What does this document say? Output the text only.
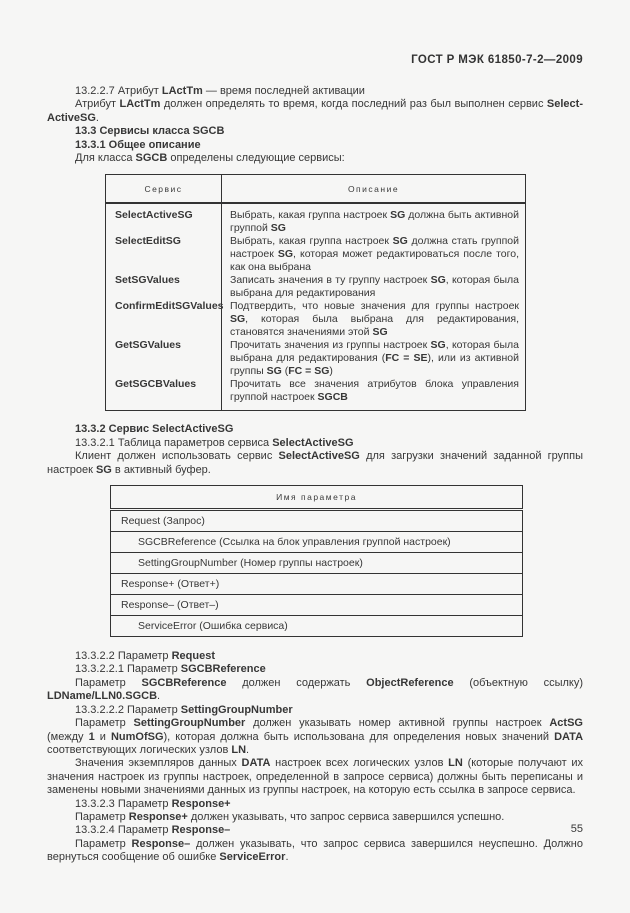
ГОСТ Р МЭК 61850-7-2—2009

13.2.2.7 Атрибут LActTm — время последней активации

Атрибут LActTm должен определять то время, когда последний раз был выполнен сервис Select-ActiveSG.

13.3 Сервисы класса SGCB

13.3.1 Общее описание

Для класса SGCB определены следующие сервисы:

Сервис	Описание
SelectActiveSG	Выбрать, какая группа настроек SG должна быть активной группой SG
SelectEditSG	Выбрать, какая группа настроек SG должна стать группой настроек SG, которая может редактироваться после того, как она выбрана
SetSGValues	Записать значения в ту группу настроек SG, которая была выбрана для редактирования
ConfirmEditSGValues	Подтвердить, что новые значения для группы настроек SG, которая была выбрана для редактирования, становятся значениями этой SG
GetSGValues	Прочитать значения из группы настроек SG, которая была выбрана для редактирования (FC = SE), или из активной группы SG (FC = SG)
GetSGCBValues	Прочитать все значения атрибутов блока управления группой настроек SGCB

13.3.2 Сервис SelectActiveSG

13.3.2.1 Таблица параметров сервиса SelectActiveSG

Клиент должен использовать сервис SelectActiveSG для загрузки значений заданной группы настроек SG в активный буфер.

Имя параметра
Request (Запрос)
SGCBReference (Ссылка на блок управления группой настроек)
SettingGroupNumber (Номер группы настроек)
Response+ (Ответ+)
Response– (Ответ–)
ServiceError (Ошибка сервиса)

13.3.2.2 Параметр Request

13.3.2.2.1 Параметр SGCBReference

Параметр SGCBReference должен содержать ObjectReference (объектную ссылку) LDName/LLN0.SGCB.

13.3.2.2.2 Параметр SettingGroupNumber

Параметр SettingGroupNumber должен указывать номер активной группы настроек ActSG (между 1 и NumOfSG), которая должна быть использована для определения новых значений DATA соответствующих логических узлов LN.

Значения экземпляров данных DATA настроек всех логических узлов LN (которые получают их значения настроек из группы настроек, определенной в запросе сервиса) должны быть переписаны и заменены новыми значениями данных из группы настроек, на которую есть ссылка в запросе сервиса.

13.3.2.3 Параметр Response+

Параметр Response+ должен указывать, что запрос сервиса завершился успешно.

13.3.2.4 Параметр Response–

Параметр Response– должен указывать, что запрос сервиса завершился неуспешно. Должно вернуться сообщение об ошибке ServiceError.

55
